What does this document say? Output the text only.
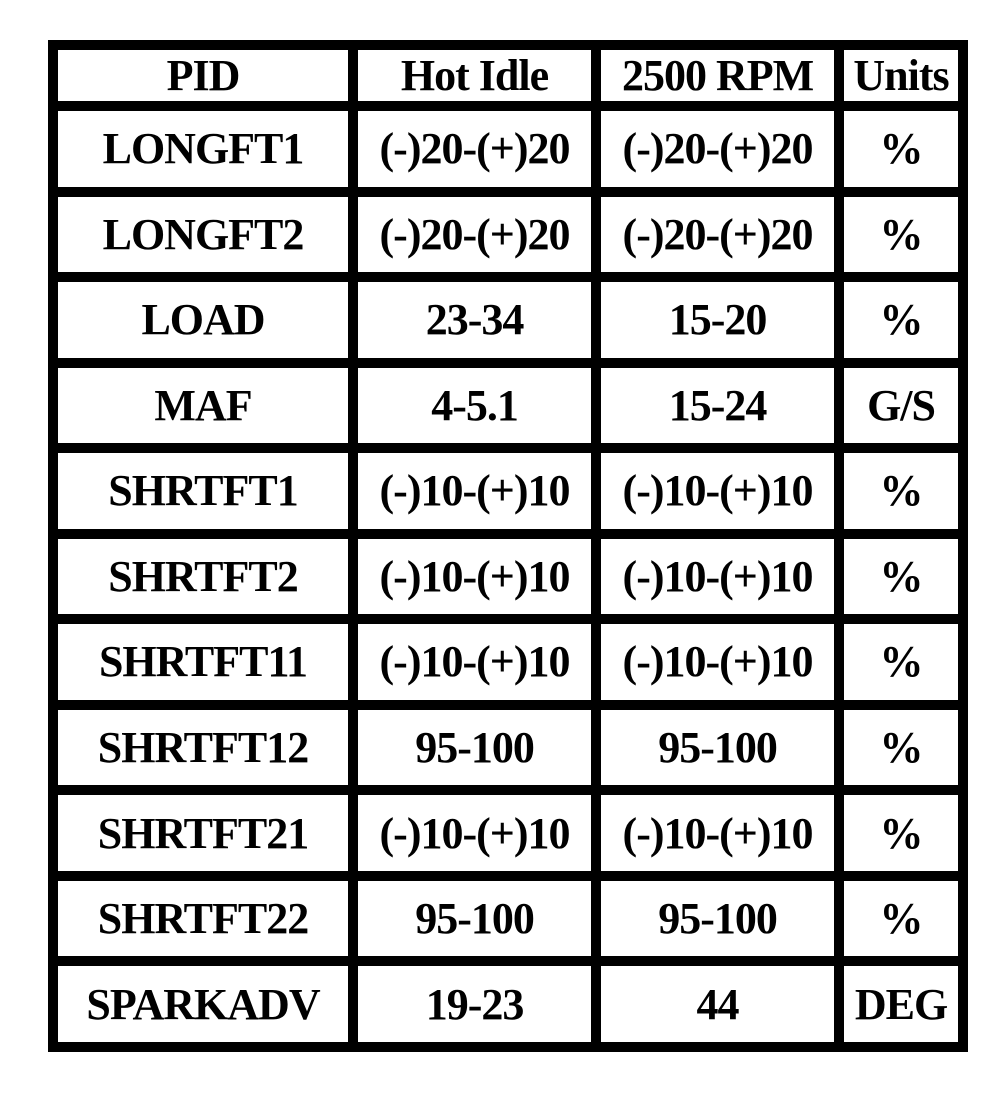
PID	Hot Idle	2500 RPM	Units
LONGFT1	(-)20-(+)20	(-)20-(+)20	%
LONGFT2	(-)20-(+)20	(-)20-(+)20	%
LOAD	23-34	15-20	%
MAF	4-5.1	15-24	G/S
SHRTFT1	(-)10-(+)10	(-)10-(+)10	%
SHRTFT2	(-)10-(+)10	(-)10-(+)10	%
SHRTFT11	(-)10-(+)10	(-)10-(+)10	%
SHRTFT12	95-100	95-100	%
SHRTFT21	(-)10-(+)10	(-)10-(+)10	%
SHRTFT22	95-100	95-100	%
SPARKADV	19-23	44	DEG
